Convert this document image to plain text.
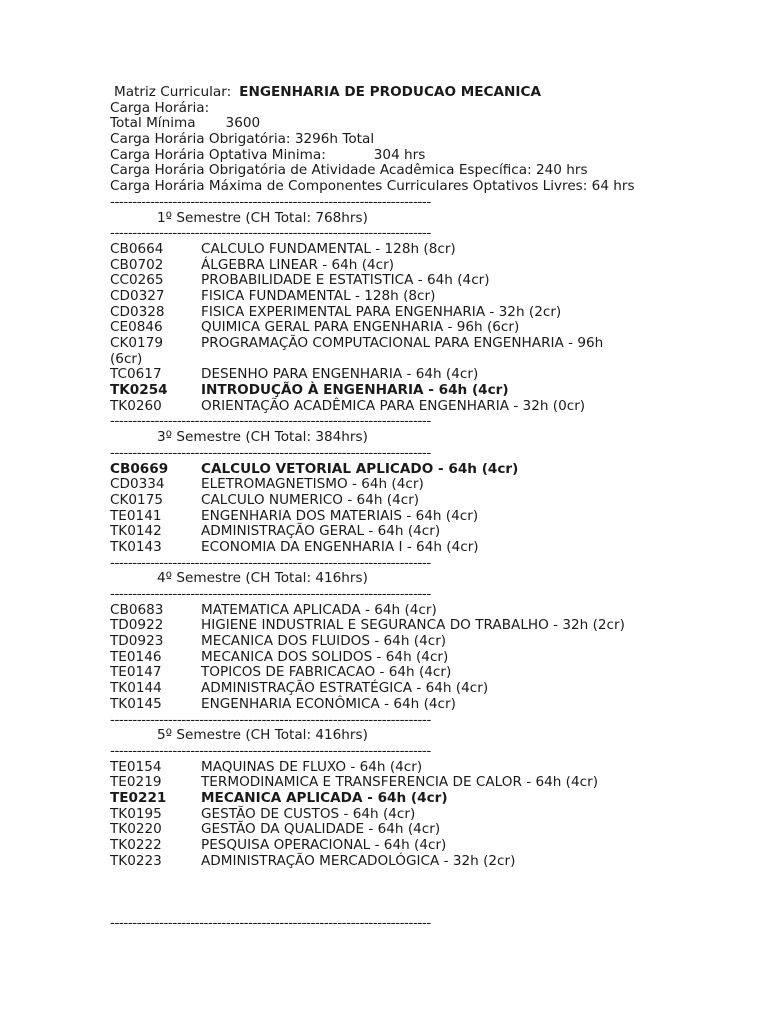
Matriz Curricular: ENGENHARIA DE PRODUCAO MECANICA
Carga Horária:
Total Mínima 3600
Carga Horária Obrigatória: 3296h Total
Carga Horária Optativa Minima:	304 hrs
Carga Horária Obrigatória de Atividade Acadêmica Específica: 240 hrs
Carga Horária Máxima de Componentes Curriculares Optativos Livres: 64 hrs
------------------------------------------------------------------------
1º Semestre (CH Total: 768hrs)
------------------------------------------------------------------------
CB0664	CALCULO FUNDAMENTAL - 128h (8cr)
CB0702	ÁLGEBRA LINEAR - 64h (4cr)
CC0265	PROBABILIDADE E ESTATISTICA - 64h (4cr)
CD0327	FISICA FUNDAMENTAL - 128h (8cr)
CD0328	FISICA EXPERIMENTAL PARA ENGENHARIA - 32h (2cr)
CE0846	QUIMICA GERAL PARA ENGENHARIA - 96h (6cr)
CK0179	PROGRAMAÇÃO COMPUTACIONAL PARA ENGENHARIA - 96h
(6cr)
TC0617	DESENHO PARA ENGENHARIA - 64h (4cr)
TK0254 INTRODUÇÃO À ENGENHARIA - 64h (4cr)
TK0260	ORIENTAÇÃO ACADÊMICA PARA ENGENHARIA - 32h (0cr)
------------------------------------------------------------------------
3º Semestre (CH Total: 384hrs)
------------------------------------------------------------------------
CB0669 CALCULO VETORIAL APLICADO - 64h (4cr)
CD0334	ELETROMAGNETISMO - 64h (4cr)
CK0175	CALCULO NUMERICO - 64h (4cr)
TE0141	ENGENHARIA DOS MATERIAIS - 64h (4cr)
TK0142	ADMINISTRAÇÃO GERAL - 64h (4cr)
TK0143	ECONOMIA DA ENGENHARIA I - 64h (4cr)
------------------------------------------------------------------------
4º Semestre (CH Total: 416hrs)
------------------------------------------------------------------------
CB0683	MATEMATICA APLICADA - 64h (4cr)
TD0922	HIGIENE INDUSTRIAL E SEGURANCA DO TRABALHO - 32h (2cr)
TD0923	MECANICA DOS FLUIDOS - 64h (4cr)
TE0146	MECANICA DOS SOLIDOS - 64h (4cr)
TE0147	TOPICOS DE FABRICACAO - 64h (4cr)
TK0144	ADMINISTRAÇÃO ESTRATÉGICA - 64h (4cr)
TK0145	ENGENHARIA ECONÔMICA - 64h (4cr)
------------------------------------------------------------------------
5º Semestre (CH Total: 416hrs)
------------------------------------------------------------------------
TE0154	MAQUINAS DE FLUXO - 64h (4cr)
TE0219	TERMODINAMICA E TRANSFERENCIA DE CALOR - 64h (4cr)
TE0221	MECANICA APLICADA - 64h (4cr)
TK0195	GESTÃO DE CUSTOS - 64h (4cr)
TK0220	GESTÃO DA QUALIDADE - 64h (4cr)
TK0222	PESQUISA OPERACIONAL - 64h (4cr)
TK0223	ADMINISTRAÇÃO MERCADOLÓGICA - 32h (2cr)
------------------------------------------------------------------------
